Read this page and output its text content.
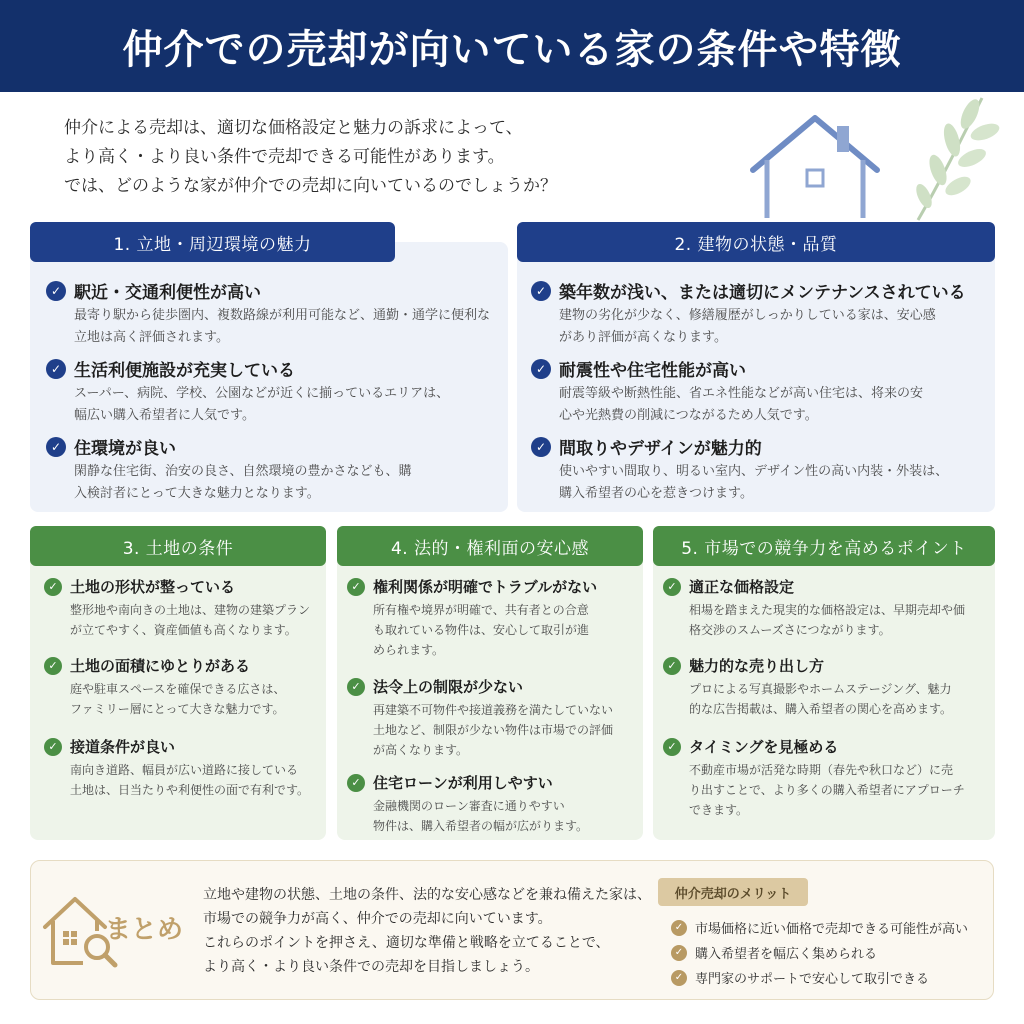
仲介での売却が向いている家の条件や特徴
仲介による売却は、適切な価格設定と魅力の訴求によって、
より高く・より良い条件で売却できる可能性があります。
では、どのような家が仲介での売却に向いているのでしょうか？
1. 立地・周辺環境の魅力
✓ 駅近・交通利便性が高い
最寄り駅から徒歩圏内、複数路線が利用可能など、通勤・通学に便利な
立地は高く評価されます。
✓ 生活利便施設が充実している
スーパー、病院、学校、公園などが近くに揃っているエリアは、
幅広い購入希望者に人気です。
✓ 住環境が良い
閑静な住宅街、治安の良さ、自然環境の豊かさなども、購
入検討者にとって大きな魅力となります。
2. 建物の状態・品質
✓ 築年数が浅い、または適切にメンテナンスされている
建物の劣化が少なく、修繕履歴がしっかりしている家は、安心感
があり評価が高くなります。
✓ 耐震性や住宅性能が高い
耐震等級や断熱性能、省エネ性能などが高い住宅は、将来の安
心や光熱費の削減につながるため人気です。
✓ 間取りやデザインが魅力的
使いやすい間取り、明るい室内、デザイン性の高い内装・外装は、
購入希望者の心を惹きつけます。
3. 土地の条件
✓ 土地の形状が整っている
整形地や南向きの土地は、建物の建築プラン
が立てやすく、資産価値も高くなります。
✓ 土地の面積にゆとりがある
庭や駐車スペースを確保できる広さは、
ファミリー層にとって大きな魅力です。
✓ 接道条件が良い
南向き道路、幅員が広い道路に接している
土地は、日当たりや利便性の面で有利です。
4. 法的・権利面の安心感
✓ 権利関係が明確でトラブルがない
所有権や境界が明確で、共有者との合意
も取れている物件は、安心して取引が進
められます。
✓ 法令上の制限が少ない
再建築不可物件や接道義務を満たしていない
土地など、制限が少ない物件は市場での評価
が高くなります。
✓ 住宅ローンが利用しやすい
金融機関のローン審査に通りやすい
物件は、購入希望者の幅が広がります。
5. 市場での競争力を高めるポイント
✓ 適正な価格設定
相場を踏まえた現実的な価格設定は、早期売却や価
格交渉のスムーズさにつながります。
✓ 魅力的な売り出し方
プロによる写真撮影やホームステージング、魅力
的な広告掲載は、購入希望者の関心を高めます。
✓ タイミングを見極める
不動産市場が活発な時期（春先や秋口など）に売
り出すことで、より多くの購入希望者にアプローチ
できます。
まとめ
立地や建物の状態、土地の条件、法的な安心感などを兼ね備えた家は、
市場での競争力が高く、仲介での売却に向いています。
これらのポイントを押さえ、適切な準備と戦略を立てることで、
より高く・より良い条件での売却を目指しましょう。
仲介売却のメリット
✓ 市場価格に近い価格で売却できる可能性が高い
✓ 購入希望者を幅広く集められる
✓ 専門家のサポートで安心して取引できる
